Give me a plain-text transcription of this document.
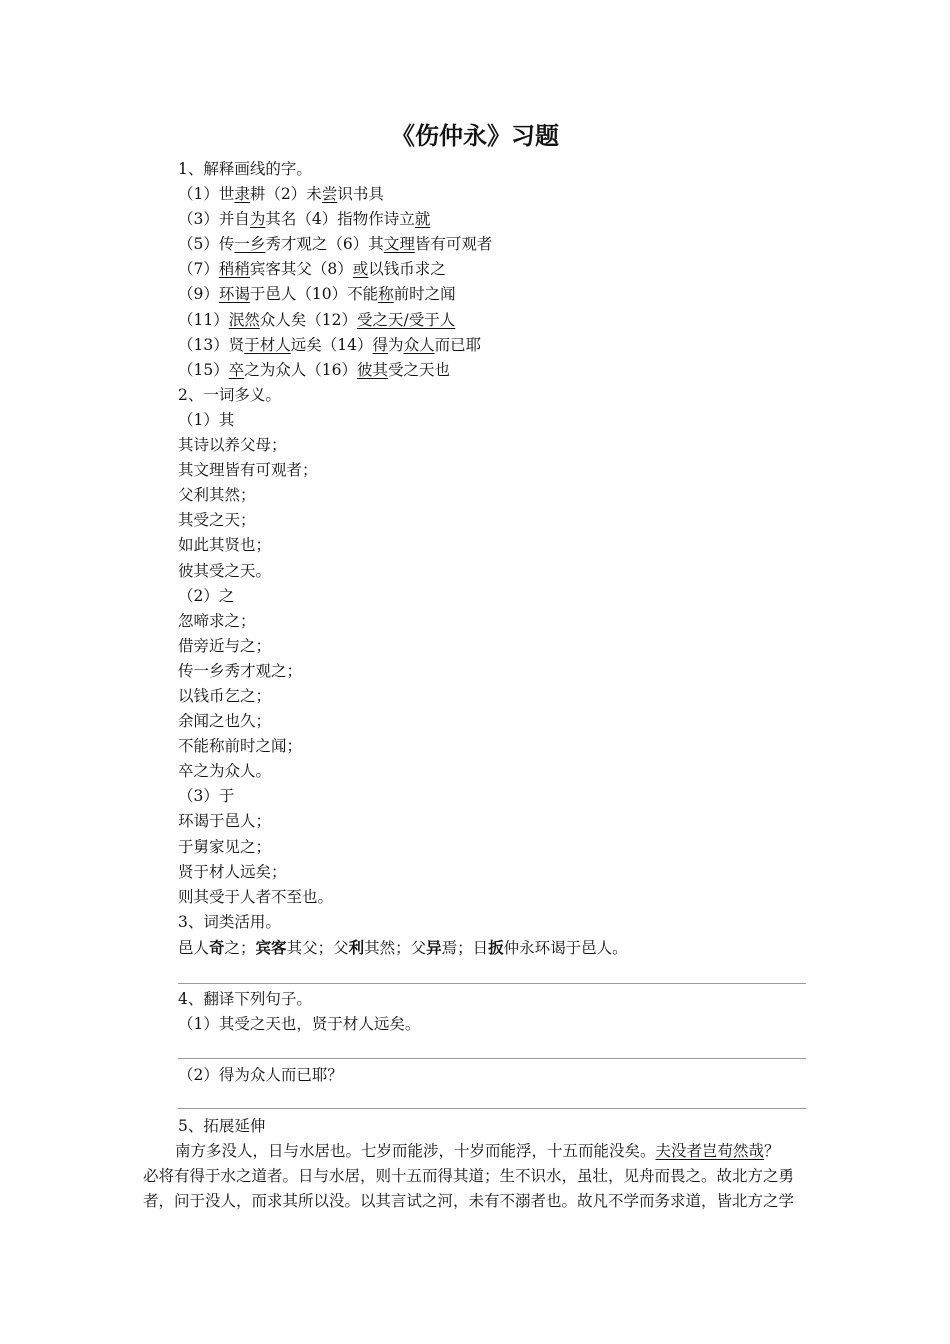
《伤仲永》习题
1、解释画线的字。
（1）世隶耕（2）未尝识书具
（3）并自为其名（4）指物作诗立就
（5）传一乡秀才观之（6）其文理皆有可观者
（7）稍稍宾客其父（8）或以钱币求之
（9）环谒于邑人（10）不能称前时之闻
（11）泯然众人矣（12）受之天/受于人
（13）贤于材人远矣（14）得为众人而已耶
（15）卒之为众人（16）彼其受之天也
2、一词多义。
（1）其
其诗以养父母；
其文理皆有可观者；
父利其然；
其受之天；
如此其贤也；
彼其受之天。
（2）之
忽啼求之；
借旁近与之；
传一乡秀才观之；
以钱币乞之；
余闻之也久；
不能称前时之闻；
卒之为众人。
（3）于
环谒于邑人；
于舅家见之；
贤于材人远矣；
则其受于人者不至也。
3、词类活用。
邑人奇之；宾客其父；父利其然；父异焉；日扳仲永环谒于邑人。
4、翻译下列句子。
（1）其受之天也，贤于材人远矣。
（2）得为众人而已耶？
5、拓展延伸
南方多没人，日与水居也。七岁而能涉，十岁而能浮，十五而能没矣。夫没者岂苟然哉？
必将有得于水之道者。日与水居，则十五而得其道；生不识水，虽壮，见舟而畏之。故北方之勇
者，问于没人，而求其所以没。以其言试之河，未有不溺者也。故凡不学而务求道，皆北方之学
